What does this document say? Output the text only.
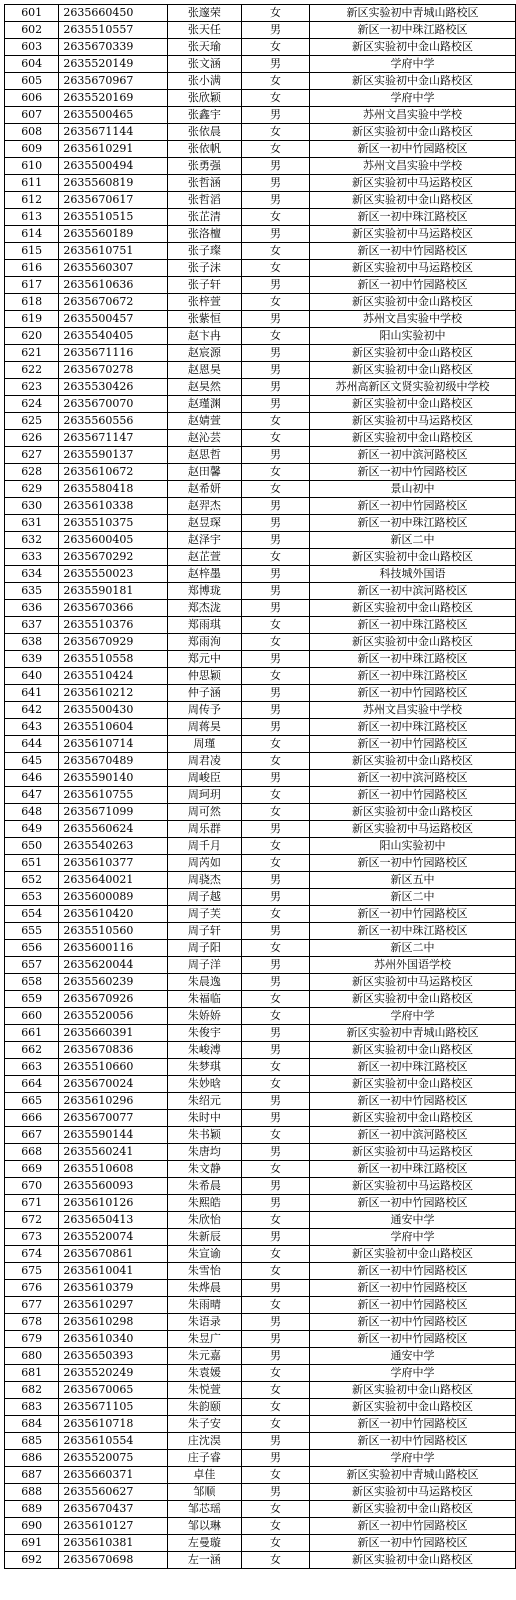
601	2635660450	张邃荣	女	新区实验初中青城山路校区
602	2635510557	张天任	男	新区一初中珠江路校区
603	2635670339	张天瑜	女	新区实验初中金山路校区
604	2635520149	张文涵	男	学府中学
605	2635670967	张小满	女	新区实验初中金山路校区
606	2635520169	张欣颖	女	学府中学
607	2635500465	张鑫宇	男	苏州文昌实验中学校
608	2635671144	张依晨	女	新区实验初中金山路校区
609	2635610291	张依帆	女	新区一初中竹园路校区
610	2635500494	张勇强	男	苏州文昌实验中学校
611	2635560819	张哲涵	男	新区实验初中马运路校区
612	2635670617	张哲滔	男	新区实验初中金山路校区
613	2635510515	张芷清	女	新区一初中珠江路校区
614	2635560189	张洛檀	男	新区实验初中马运路校区
615	2635610751	张子璨	女	新区一初中竹园路校区
616	2635560307	张子沫	女	新区实验初中马运路校区
617	2635610636	张子轩	男	新区一初中竹园路校区
618	2635670672	张梓萱	女	新区实验初中金山路校区
619	2635500457	张紫恒	男	苏州文昌实验中学校
620	2635540405	赵卞冉	女	阳山实验初中
621	2635671116	赵宸源	男	新区实验初中金山路校区
622	2635670278	赵恩昊	男	新区实验初中金山路校区
623	2635530426	赵昊然	男	苏州高新区文贤实验初级中学校
624	2635670070	赵瑾渊	男	新区实验初中金山路校区
625	2635560556	赵婧萱	女	新区实验初中马运路校区
626	2635671147	赵沁芸	女	新区实验初中金山路校区
627	2635590137	赵思哲	男	新区一初中滨河路校区
628	2635610672	赵田馨	女	新区一初中竹园路校区
629	2635580418	赵希妍	女	景山初中
630	2635610338	赵羿杰	男	新区一初中竹园路校区
631	2635510375	赵昱琛	男	新区一初中珠江路校区
632	2635600405	赵泽宇	男	新区二中
633	2635670292	赵芷萱	女	新区实验初中金山路校区
634	2635550023	赵梓墨	男	科技城外国语
635	2635590181	郑博珑	男	新区一初中滨河路校区
636	2635670366	郑杰泷	男	新区实验初中金山路校区
637	2635510376	郑雨琪	女	新区一初中珠江路校区
638	2635670929	郑雨洵	女	新区实验初中金山路校区
639	2635510558	郑元中	男	新区一初中珠江路校区
640	2635510424	仲思颖	女	新区一初中珠江路校区
641	2635610212	仲子涵	男	新区一初中竹园路校区
642	2635500430	周传予	男	苏州文昌实验中学校
643	2635510604	周蒋昊	男	新区一初中珠江路校区
644	2635610714	周瑾	女	新区一初中竹园路校区
645	2635670489	周君凌	女	新区实验初中金山路校区
646	2635590140	周峻臣	男	新区一初中滨河路校区
647	2635610755	周珂玥	女	新区一初中竹园路校区
648	2635671099	周可然	女	新区实验初中金山路校区
649	2635560624	周乐群	男	新区实验初中马运路校区
650	2635540263	周千月	女	阳山实验初中
651	2635610377	周芮如	女	新区一初中竹园路校区
652	2635640021	周骁杰	男	新区五中
653	2635600089	周子越	男	新区二中
654	2635610420	周子芙	女	新区一初中竹园路校区
655	2635510560	周子轩	男	新区一初中珠江路校区
656	2635600116	周子阳	女	新区二中
657	2635620044	周子洋	男	苏州外国语学校
658	2635560239	朱晨逸	男	新区实验初中马运路校区
659	2635670926	朱福临	女	新区实验初中金山路校区
660	2635520056	朱娇娇	女	学府中学
661	2635660391	朱俊宇	男	新区实验初中青城山路校区
662	2635670836	朱峻溥	男	新区实验初中金山路校区
663	2635510660	朱梦琪	女	新区一初中珠江路校区
664	2635670024	朱妙晗	女	新区实验初中金山路校区
665	2635610296	朱绍元	男	新区一初中竹园路校区
666	2635670077	朱时中	男	新区实验初中金山路校区
667	2635590144	朱书颖	女	新区一初中滨河路校区
668	2635560241	朱唐均	男	新区实验初中马运路校区
669	2635510608	朱文静	女	新区一初中珠江路校区
670	2635560093	朱希晨	男	新区实验初中马运路校区
671	2635610126	朱熙皓	男	新区一初中竹园路校区
672	2635650413	朱欣怡	女	通安中学
673	2635520074	朱新辰	男	学府中学
674	2635670861	朱宣谕	女	新区实验初中金山路校区
675	2635610041	朱雪怡	女	新区一初中竹园路校区
676	2635610379	朱烨晨	男	新区一初中竹园路校区
677	2635610297	朱雨晴	女	新区一初中竹园路校区
678	2635610298	朱语录	男	新区一初中竹园路校区
679	2635610340	朱昱广	男	新区一初中竹园路校区
680	2635650393	朱元嘉	男	通安中学
681	2635520249	朱袁媛	女	学府中学
682	2635670065	朱悦萱	女	新区实验初中金山路校区
683	2635671105	朱韵颐	女	新区实验初中金山路校区
684	2635610718	朱子安	女	新区一初中竹园路校区
685	2635610554	庄沈淏	男	新区一初中竹园路校区
686	2635520075	庄子睿	男	学府中学
687	2635660371	卓佳	女	新区实验初中青城山路校区
688	2635560627	邹顺	男	新区实验初中马运路校区
689	2635670437	邹芯瑶	女	新区实验初中金山路校区
690	2635610127	邹以琳	女	新区一初中竹园路校区
691	2635610381	左曼璇	女	新区一初中竹园路校区
692	2635670698	左一涵	女	新区实验初中金山路校区
